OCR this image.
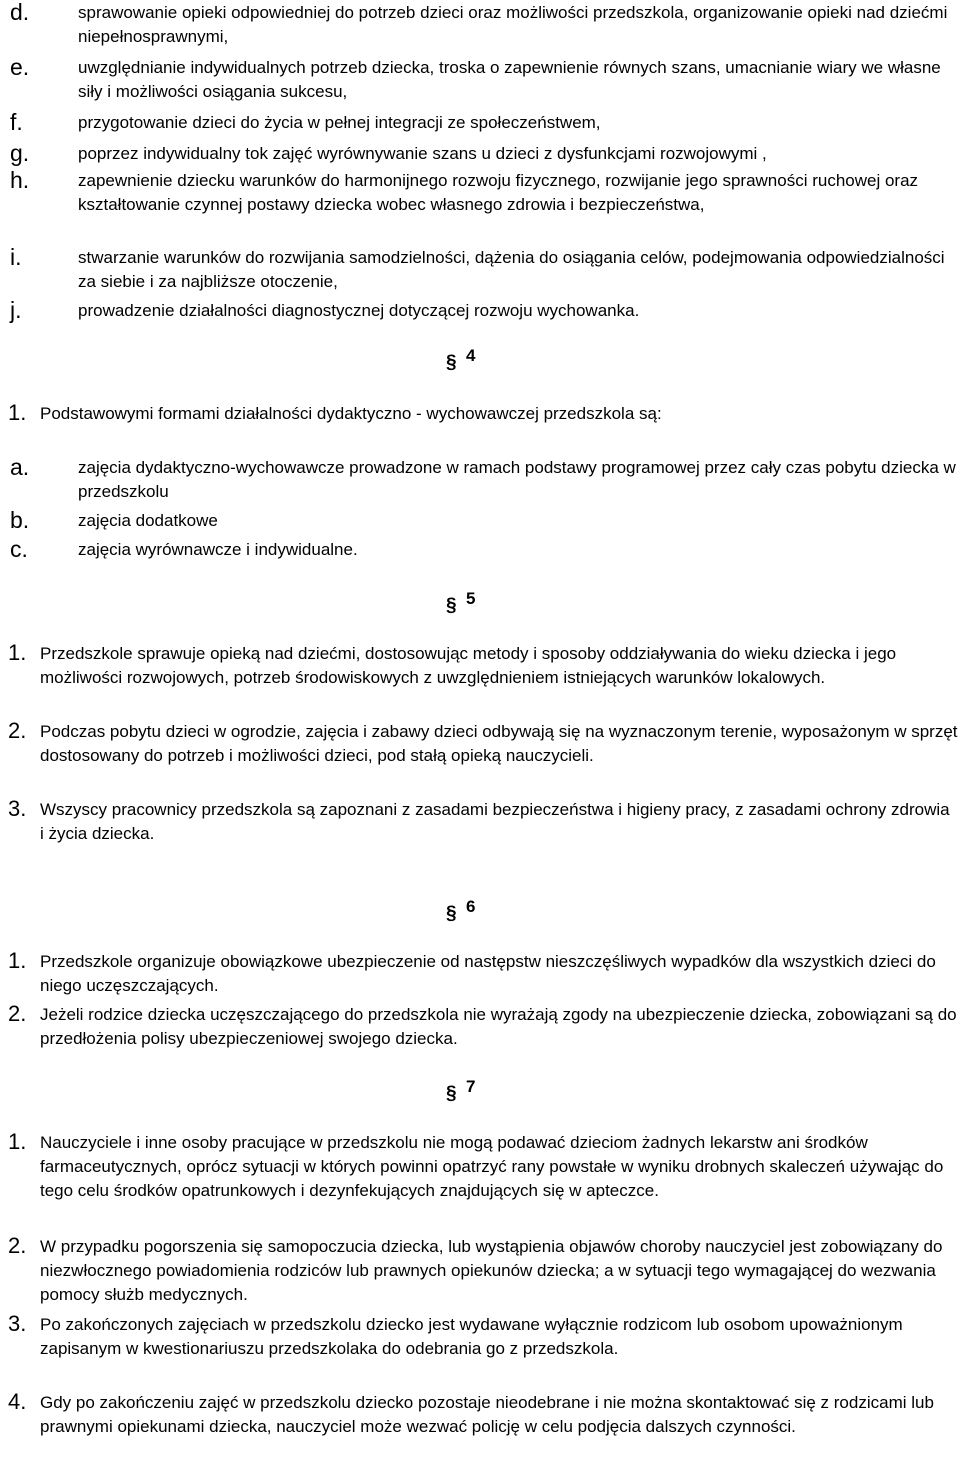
d.	sprawowanie opieki odpowiedniej do potrzeb dzieci oraz możliwości przedszkola, organizowanie opieki nad dziećmi niepełnosprawnymi,
e.	uwzględnianie indywidualnych potrzeb dziecka, troska o zapewnienie równych szans, umacnianie wiary we własne siły i możliwości osiągania sukcesu,
f.	przygotowanie dzieci do życia w pełnej integracji ze społeczeństwem,
g.	poprzez indywidualny tok zajęć wyrównywanie szans u dzieci z dysfunkcjami rozwojowymi ,
h.	zapewnienie dziecku warunków do harmonijnego rozwoju fizycznego, rozwijanie jego sprawności ruchowej oraz kształtowanie czynnej postawy dziecka wobec własnego zdrowia i bezpieczeństwa,
i.	stwarzanie warunków do rozwijania samodzielności, dążenia do osiągania celów, podejmowania odpowiedzialności za siebie i za najbliższe otoczenie,
j.	prowadzenie działalności diagnostycznej dotyczącej rozwoju wychowanka.
§ 4
1. Podstawowymi formami działalności dydaktyczno - wychowawczej przedszkola są:
a.	zajęcia dydaktyczno-wychowawcze prowadzone w ramach podstawy programowej przez cały czas pobytu dziecka w przedszkolu
b.	zajęcia dodatkowe
c.	zajęcia wyrównawcze i indywidualne.
§ 5
1. Przedszkole sprawuje opieką nad dziećmi, dostosowując metody i sposoby oddziaływania do wieku dziecka i jego możliwości rozwojowych, potrzeb środowiskowych z uwzględnieniem istniejących warunków lokalowych.
2. Podczas pobytu dzieci w ogrodzie, zajęcia i zabawy dzieci odbywają się na wyznaczonym terenie, wyposażonym w sprzęt dostosowany do potrzeb i możliwości dzieci, pod stałą opieką nauczycieli.
3. Wszyscy pracownicy przedszkola są zapoznani z zasadami bezpieczeństwa i higieny pracy, z zasadami ochrony zdrowia i życia dziecka.
§ 6
1. Przedszkole organizuje obowiązkowe ubezpieczenie od następstw nieszczęśliwych wypadków dla wszystkich dzieci do niego uczęszczających.
2. Jeżeli rodzice dziecka uczęszczającego do przedszkola nie wyrażają zgody na ubezpieczenie dziecka, zobowiązani są do przedłożenia polisy ubezpieczeniowej swojego dziecka.
§ 7
1. Nauczyciele i inne osoby pracujące w przedszkolu nie mogą podawać dzieciom żadnych lekarstw ani środków farmaceutycznych, oprócz sytuacji w których powinni opatrzyć rany powstałe w wyniku drobnych skaleczeń używając do tego celu środków opatrunkowych i dezynfekujących znajdujących się w apteczce.
2. W przypadku pogorszenia się samopoczucia dziecka, lub wystąpienia objawów choroby nauczyciel jest zobowiązany do niezwłocznego powiadomienia rodziców lub prawnych opiekunów dziecka; a w sytuacji tego wymagającej do wezwania pomocy służb medycznych.
3. Po zakończonych zajęciach w przedszkolu dziecko jest wydawane wyłącznie rodzicom lub osobom upoważnionym zapisanym w kwestionariuszu przedszkolaka do odebrania go z przedszkola.
4. Gdy po zakończeniu zajęć w przedszkolu dziecko pozostaje nieodebrane i nie można skontaktować się z rodzicami lub prawnymi opiekunami dziecka, nauczyciel może wezwać policję w celu podjęcia dalszych czynności.
